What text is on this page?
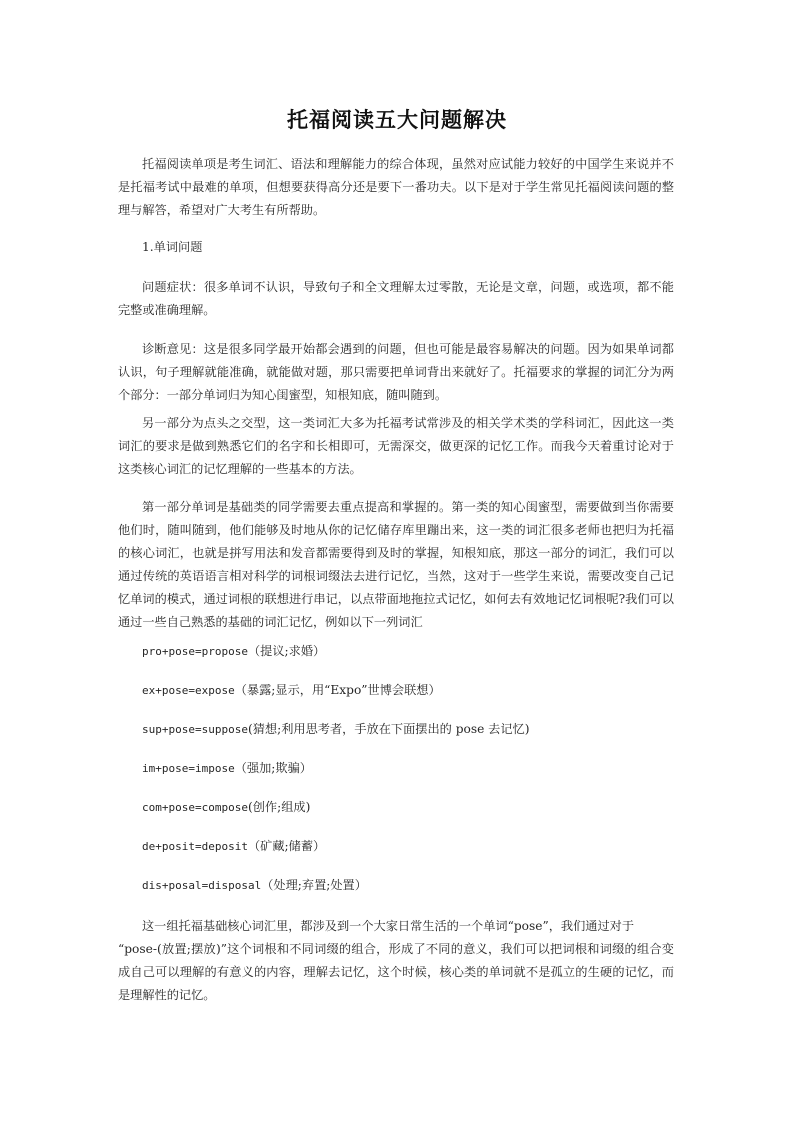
托福阅读五大问题解决
托福阅读单项是考生词汇、语法和理解能力的综合体现，虽然对应试能力较好的中国学生来说并不是托福考试中最难的单项，但想要获得高分还是要下一番功夫。以下是对于学生常见托福阅读问题的整理与解答，希望对广大考生有所帮助。
1.单词问题
问题症状：很多单词不认识，导致句子和全文理解太过零散，无论是文章，问题，或选项，都不能完整或准确理解。
诊断意见：这是很多同学最开始都会遇到的问题，但也可能是最容易解决的问题。因为如果单词都认识，句子理解就能准确，就能做对题，那只需要把单词背出来就好了。托福要求的掌握的词汇分为两个部分：一部分单词归为知心闺蜜型，知根知底，随叫随到。
另一部分为点头之交型，这一类词汇大多为托福考试常涉及的相关学术类的学科词汇，因此这一类词汇的要求是做到熟悉它们的名字和长相即可，无需深交，做更深的记忆工作。而我今天着重讨论对于这类核心词汇的记忆理解的一些基本的方法。
第一部分单词是基础类的同学需要去重点提高和掌握的。第一类的知心闺蜜型，需要做到当你需要他们时，随叫随到，他们能够及时地从你的记忆储存库里蹦出来，这一类的词汇很多老师也把归为托福的核心词汇，也就是拼写用法和发音都需要得到及时的掌握，知根知底，那这一部分的词汇，我们可以通过传统的英语语言相对科学的词根词缀法去进行记忆，当然，这对于一些学生来说，需要改变自己记忆单词的模式，通过词根的联想进行串记，以点带面地拖拉式记忆，如何去有效地记忆词根呢?我们可以通过一些自己熟悉的基础的词汇记忆，例如以下一列词汇
pro+pose=propose（提议;求婚）
ex+pose=expose（暴露;显示，用“Expo”世博会联想）
sup+pose=suppose(猜想;利用思考者，手放在下面摆出的 pose 去记忆)
im+pose=impose（强加;欺骗）
com+pose=compose(创作;组成)
de+posit=deposit（矿藏;储蓄）
dis+posal=disposal（处理;弃置;处置）
这一组托福基础核心词汇里，都涉及到一个大家日常生活的一个单词“pose”，我们通过对于
“pose-(放置;摆放)”这个词根和不同词缀的组合，形成了不同的意义，我们可以把词根和词缀的组合变成自己可以理解的有意义的内容，理解去记忆，这个时候，核心类的单词就不是孤立的生硬的记忆，而是理解性的记忆。
